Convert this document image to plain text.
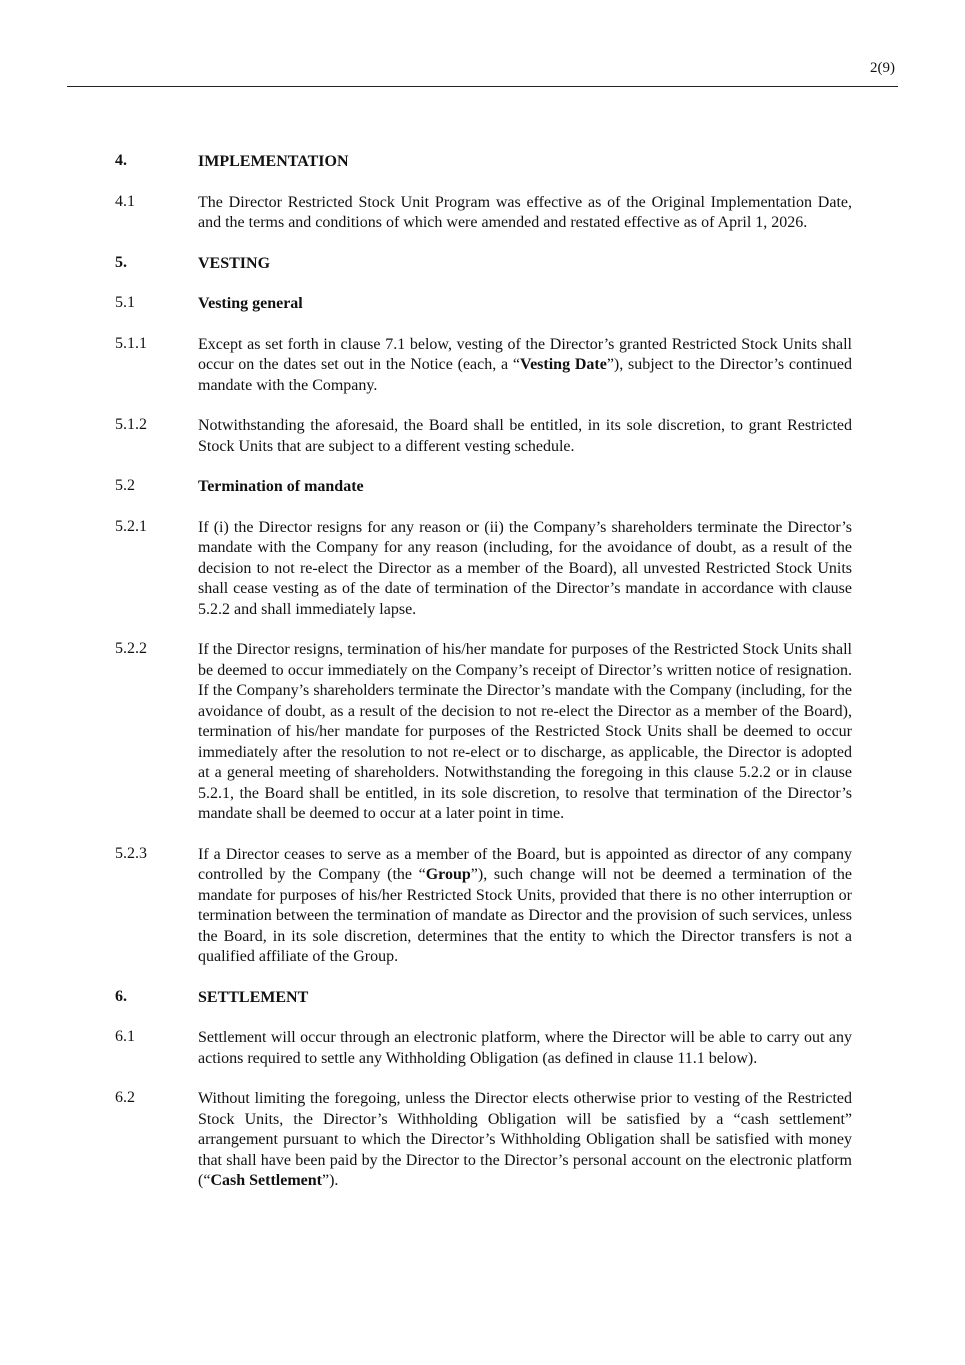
2(9)
4.	IMPLEMENTATION
4.1	The Director Restricted Stock Unit Program was effective as of the Original Implementation Date, and the terms and conditions of which were amended and restated effective as of April 1, 2026.
5.	VESTING
5.1	Vesting general
5.1.1	Except as set forth in clause 7.1 below, vesting of the Director’s granted Restricted Stock Units shall occur on the dates set out in the Notice (each, a “Vesting Date”), subject to the Director’s continued mandate with the Company.
5.1.2	Notwithstanding the aforesaid, the Board shall be entitled, in its sole discretion, to grant Restricted Stock Units that are subject to a different vesting schedule.
5.2	Termination of mandate
5.2.1	If (i) the Director resigns for any reason or (ii) the Company’s shareholders terminate the Director’s mandate with the Company for any reason (including, for the avoidance of doubt, as a result of the decision to not re-elect the Director as a member of the Board), all unvested Restricted Stock Units shall cease vesting as of the date of termination of the Director’s mandate in accordance with clause 5.2.2 and shall immediately lapse.
5.2.2	If the Director resigns, termination of his/her mandate for purposes of the Restricted Stock Units shall be deemed to occur immediately on the Company’s receipt of Director’s written notice of resignation. If the Company’s shareholders terminate the Director’s mandate with the Company (including, for the avoidance of doubt, as a result of the decision to not re-elect the Director as a member of the Board), termination of his/her mandate for purposes of the Restricted Stock Units shall be deemed to occur immediately after the resolution to not re-elect or to discharge, as applicable, the Director is adopted at a general meeting of shareholders. Notwithstanding the foregoing in this clause 5.2.2 or in clause 5.2.1, the Board shall be entitled, in its sole discretion, to resolve that termination of the Director’s mandate shall be deemed to occur at a later point in time.
5.2.3	If a Director ceases to serve as a member of the Board, but is appointed as director of any company controlled by the Company (the “Group”), such change will not be deemed a termination of the mandate for purposes of his/her Restricted Stock Units, provided that there is no other interruption or termination between the termination of mandate as Director and the provision of such services, unless the Board, in its sole discretion, determines that the entity to which the Director transfers is not a qualified affiliate of the Group.
6.	SETTLEMENT
6.1	Settlement will occur through an electronic platform, where the Director will be able to carry out any actions required to settle any Withholding Obligation (as defined in clause 11.1 below).
6.2	Without limiting the foregoing, unless the Director elects otherwise prior to vesting of the Restricted Stock Units, the Director’s Withholding Obligation will be satisfied by a “cash settlement” arrangement pursuant to which the Director’s Withholding Obligation shall be satisfied with money that shall have been paid by the Director to the Director’s personal account on the electronic platform (“Cash Settlement”).
